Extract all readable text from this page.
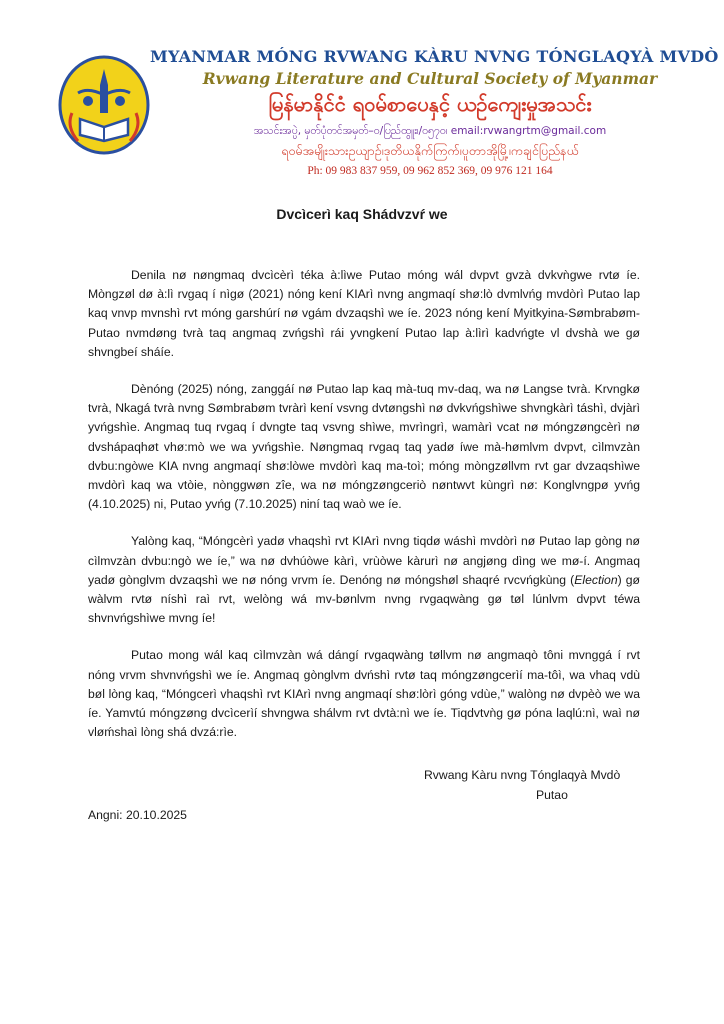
MYANMAR MÓNG RVWANG KÀRU NVNG TÓNGLAQYÀ MVDÒ
Rvwang Literature and Cultural Society of Myanmar
မြန်မာနိုင်ငံ ရဝမ်စာပေနှင့် ယဉ်ကျေးမှုအသင်း
အသင်းအပ္ပဲ, မှတ်ပုံတင်အမှတ်–၀/ပြည်ထွူး၊/၀၅၇၀၊ email:rvwangrtm@gmail.com
ရဝမ်အမျိုးသားဥယျာဉ်၊ဒုတိယနိုက်ကြက်၊ပူတာအိုမြို့၊ကချင်ပြည်နယ်
Ph: 09 983 837 959, 09 962 852 369, 09 976 121 164
Dvcìcerì kaq Shádvzvŕ we

Denila nø nøngmaq dvcìcèrì téka à:lìwe Putao móng wál dvpvt gvzà dvkvǹgwe rvtø íe. Mòngzøl dø à:lì rvgaq í nìgø (2021) nóng kení KIArì nvng angmaqí shø:lò dvmlvńg mvdòrì Putao lap kaq vnvp mvnshì rvt móng garshúrí nø vgám dvzaqshì we íe. 2023 nóng kení Myitkyina-Sømbrabøm-Putao nvmdøng tvrà taq angmaq zvńgshì rái yvngkení Putao lap à:lìrì kadvńgte vl dvshà we gø shvngbeí sháíe.

Dènóng (2025) nóng, zanggáí nø Putao lap kaq mà-tuq mv-daq, wa nø Langse tvrà. Krvngkø tvrà, Nkagá tvrà nvng Sømbrabøm tvràrì kení vsvng dvtøngshì nø dvkvńgshìwe shvngkàrì táshì, dvjàrì yvńgshìe. Angmaq tuq rvgaq í dvngte taq vsvng shìwe, mvrìngrì, wamàrì vcat nø móngzøngcèrì nø dvshápaqhøt vhø:mò we wa yvńgshìe. Nøngmaq rvgaq taq yadø íwe mà-hømlvm dvpvt, cìlmvzàn dvbu:ngòwe KIA nvng angmaqí shø:lòwe mvdòrì kaq ma-toì; móng mòngzøllvm rvt gar dvzaqshìwe mvdòrì kaq wa vtòie, nònggwøn zîe, wa nø móngzøngceriò nøntwvt kùngrì nø: Konglvngpø yvńg (4.10.2025) ni, Putao yvńg (7.10.2025) niní taq waò we íe.

Yalòng kaq, “Móngcèrì yadø vhaqshì rvt KIArì nvng tiqdø wáshì mvdòrì nø Putao lap gòng nø cìlmvzàn dvbu:ngò we íe,” wa nø dvhúòwe kàrì, vrùòwe kàrurì nø angjøng dìng we mø-í. Angmaq yadø gònglvm dvzaqshì we nø nóng vrvm íe. Denóng nø móngshøl shaqré rvcvńgkùng (Election) gø wàlvm rvtø níshì raì rvt, welòng wá mv-bønlvm nvng rvgaqwàng gø tøl lúnlvm dvpvt téwa shvnvńgshìwe mvng íe!

Putao mong wál kaq cìlmvzàn wá dángí rvgaqwàng tøllvm nø angmaqò tôni mvnggá í rvt nóng vrvm shvnvńgshì we íe. Angmaq gònglvm dvńshì rvtø taq móngzøngcerìí ma-tôì, wa vhaq vdù bøl lòng kaq, “Móngcerì vhaqshì rvt KIArì nvng angmaqí shø:lòrì góng vdùe,” walòng nø dvpèò we wa íe. Yamvtú móngzøng dvcìcerìí shvngwa shálvm rvt dvtà:nì we íe. Tiqdvtvǹg gø póna laqlú:nì, waì nø vløḿshaì lòng shá dvzá:rìe.

Rvwang Kàru nvng Tónglaqyà Mvdò
Putao
Angni: 20.10.2025
